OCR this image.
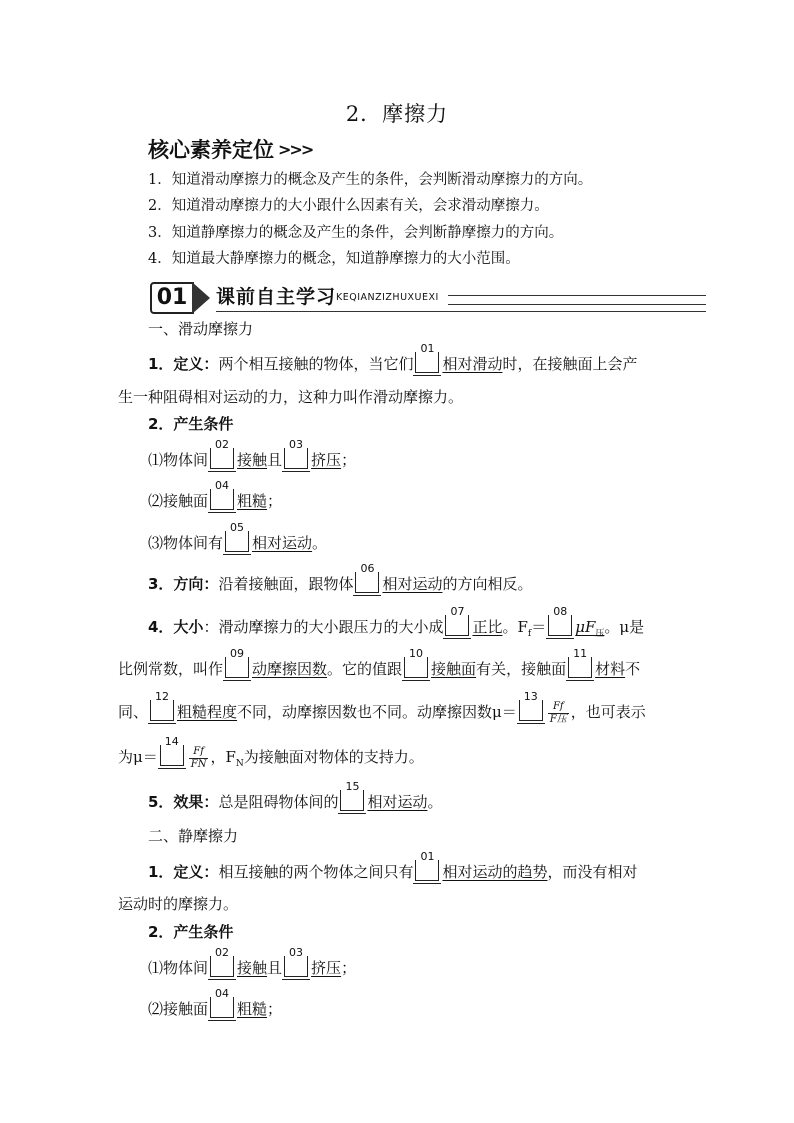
2．摩擦力
核心素养定位 >>>
1．知道滑动摩擦力的概念及产生的条件，会判断滑动摩擦力的方向。
2．知道滑动摩擦力的大小跟什么因素有关，会求滑动摩擦力。
3．知道静摩擦力的概念及产生的条件，会判断静摩擦力的方向。
4．知道最大静摩擦力的概念，知道静摩擦力的大小范围。
01	课前自主学习 KEQIANZIZHUXUEXI
一、滑动摩擦力
1．定义：两个相互接触的物体，当它们
01
相对滑动时，在接触面上会产
生一种阻碍相对运动的力，这种力叫作滑动摩擦力。
2．产生条件
⑴物体间
02
接触且
03
挤压；
⑵接触面
04
粗糙；
⑶物体间有
05
相对运动。
3．方向：沿着接触面，跟物体
06
相对运动的方向相反。
4．大小：滑动摩擦力的大小跟压力的大小成
07
正比。$F_f=$
08
$\mu F_压$。μ是
比例常数，叫作
09
动摩擦因数。它的值跟
10
接触面有关，接触面
11
材料不
同、
12
粗糙程度不同，动摩擦因数也不同。动摩擦因数μ＝
13
$\frac{Ff}{\text{F压}}$ ，也可表示
为μ＝
14
$\frac{Ff}{FN}$ ，$F_N$为接触面对物体的支持力。
5．效果：总是阻碍物体间的
15
相对运动。
二、静摩擦力
1．定义：相互接触的两个物体之间只有
01
相对运动的趋势，而没有相对
运动时的摩擦力。
2．产生条件
⑴物体间
02
接触且
03
挤压；
⑵接触面
04
粗糙；
